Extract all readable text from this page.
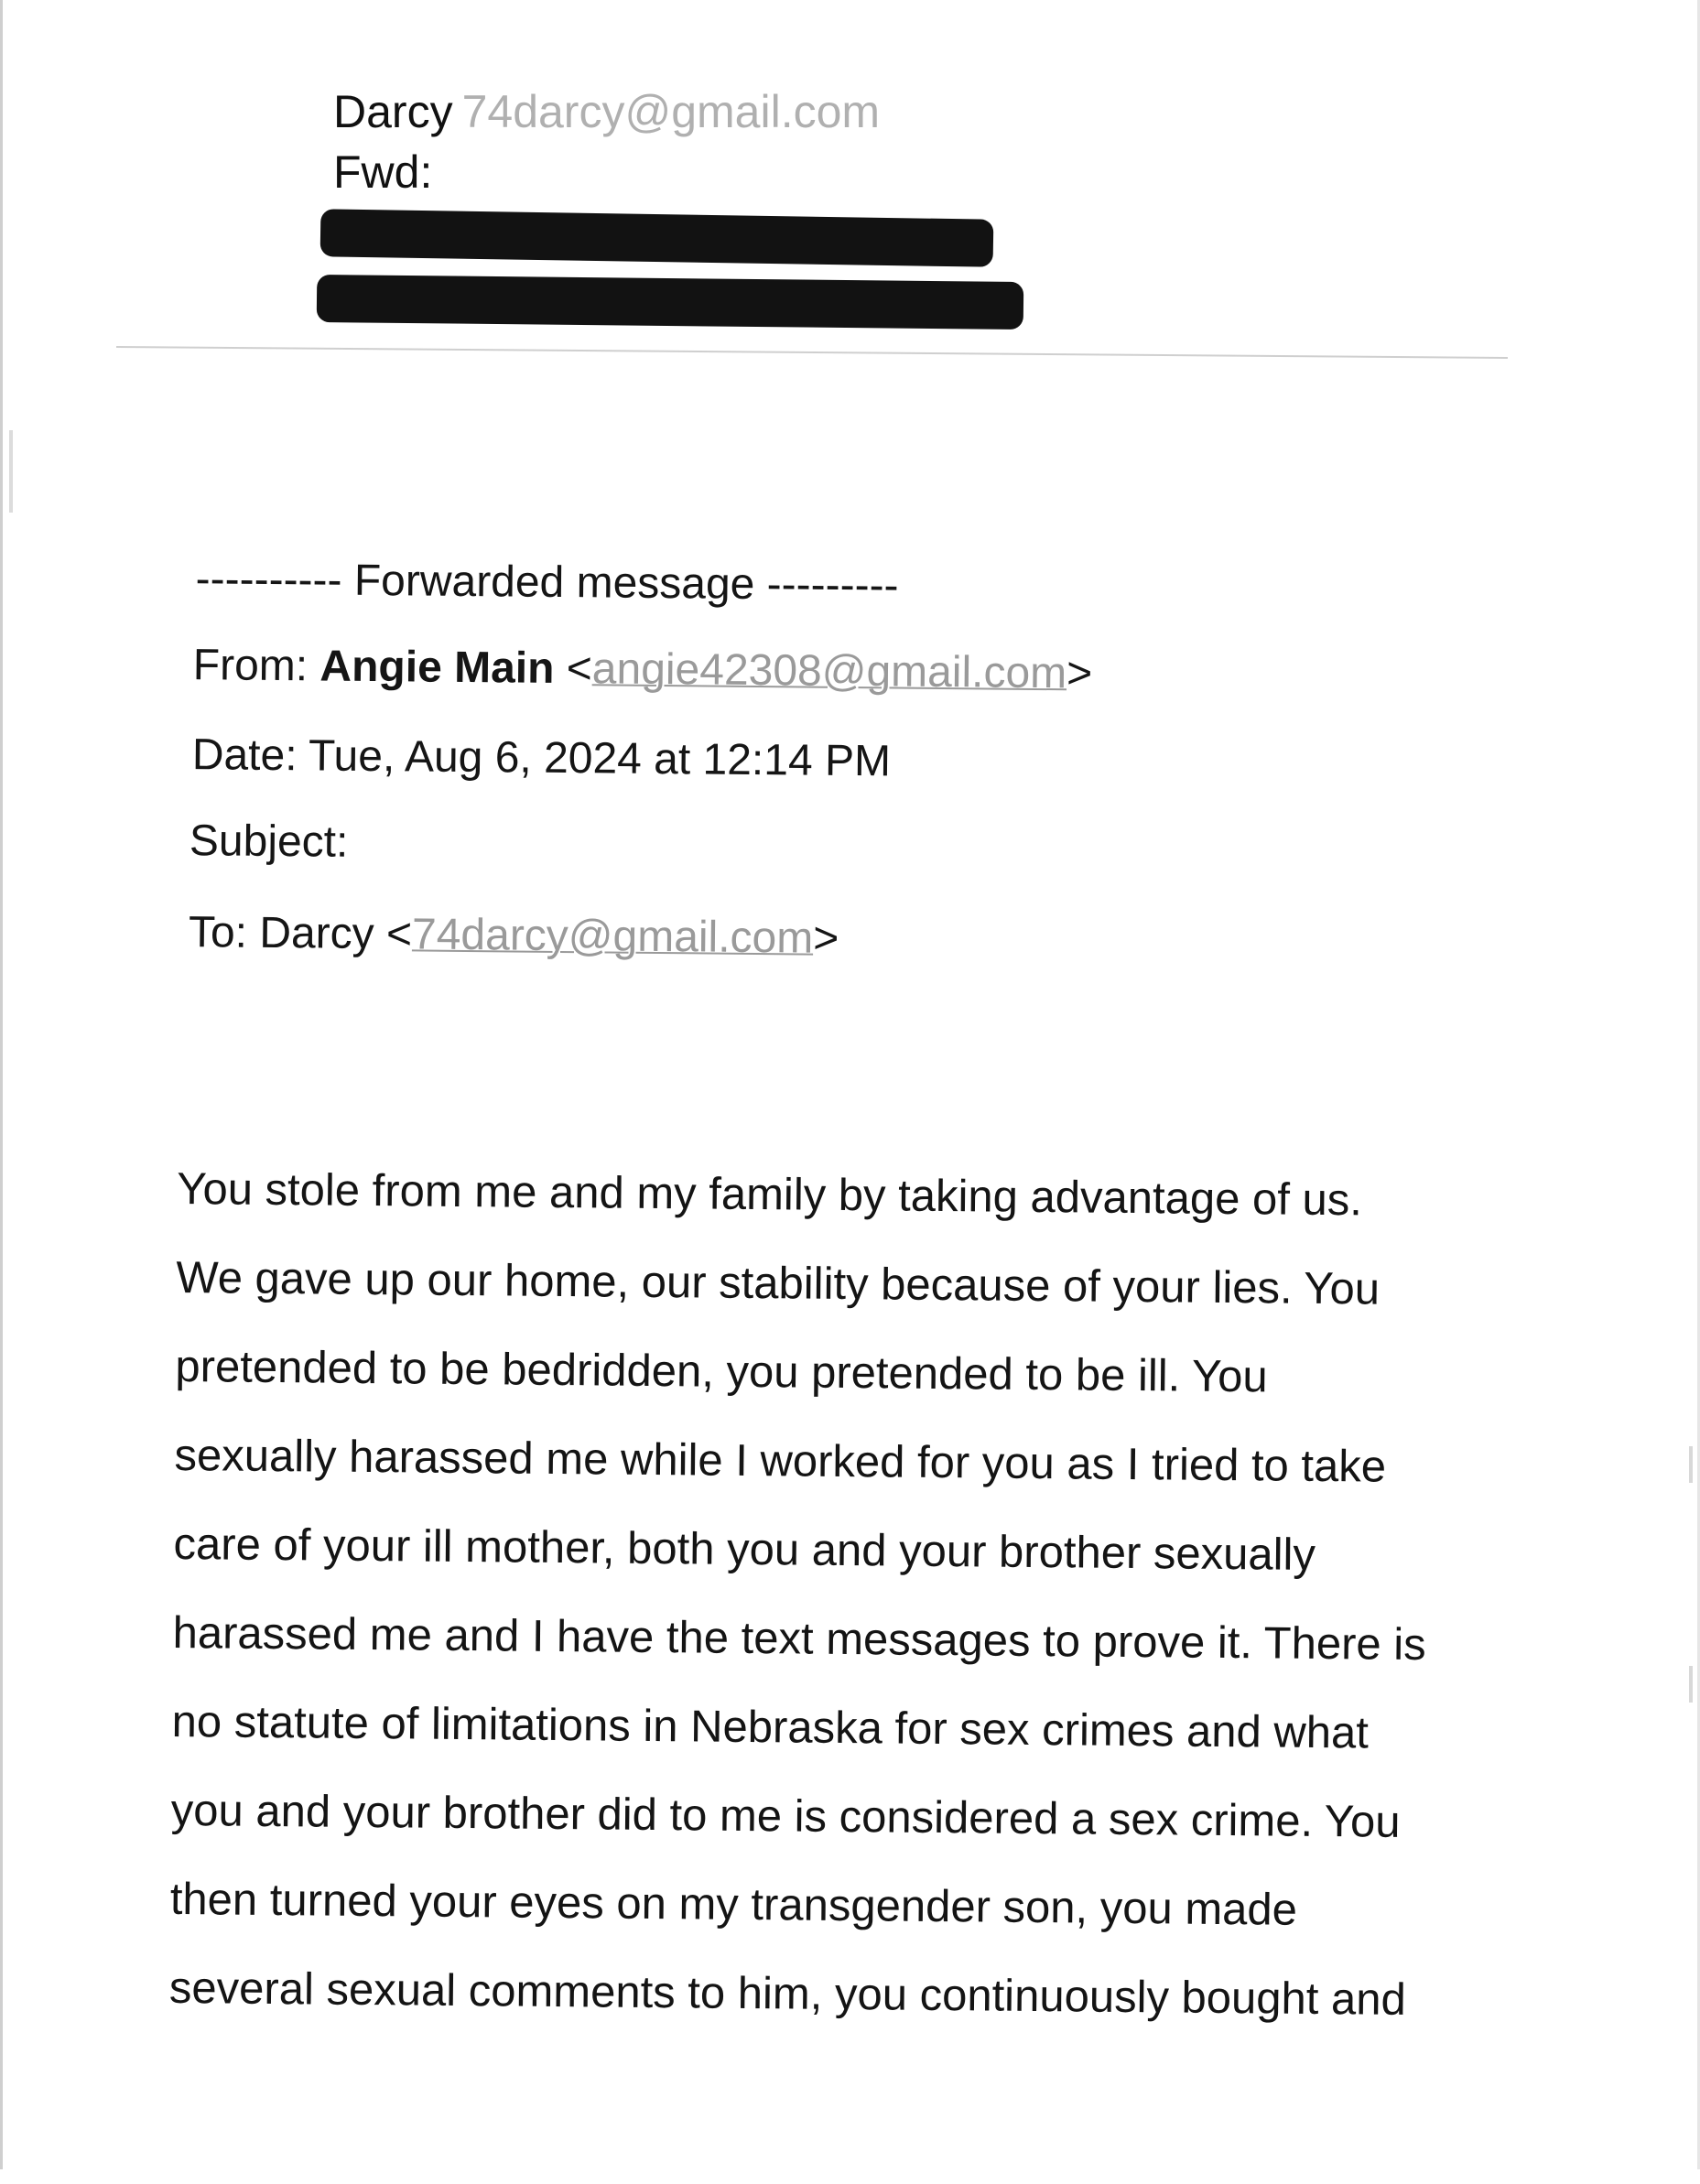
Darcy 74darcy@gmail.com
Fwd:
---------- Forwarded message ---------
From: Angie Main <angie42308@gmail.com>
Date: Tue, Aug 6, 2024 at 12:14 PM
Subject:
To: Darcy <74darcy@gmail.com>
You stole from me and my family by taking advantage of us.
We gave up our home, our stability because of your lies. You
pretended to be bedridden, you pretended to be ill. You
sexually harassed me while I worked for you as I tried to take
care of your ill mother, both you and your brother sexually
harassed me and I have the text messages to prove it. There is
no statute of limitations in Nebraska for sex crimes and what
you and your brother did to me is considered a sex crime. You
then turned your eyes on my transgender son, you made
several sexual comments to him, you continuously bought and
